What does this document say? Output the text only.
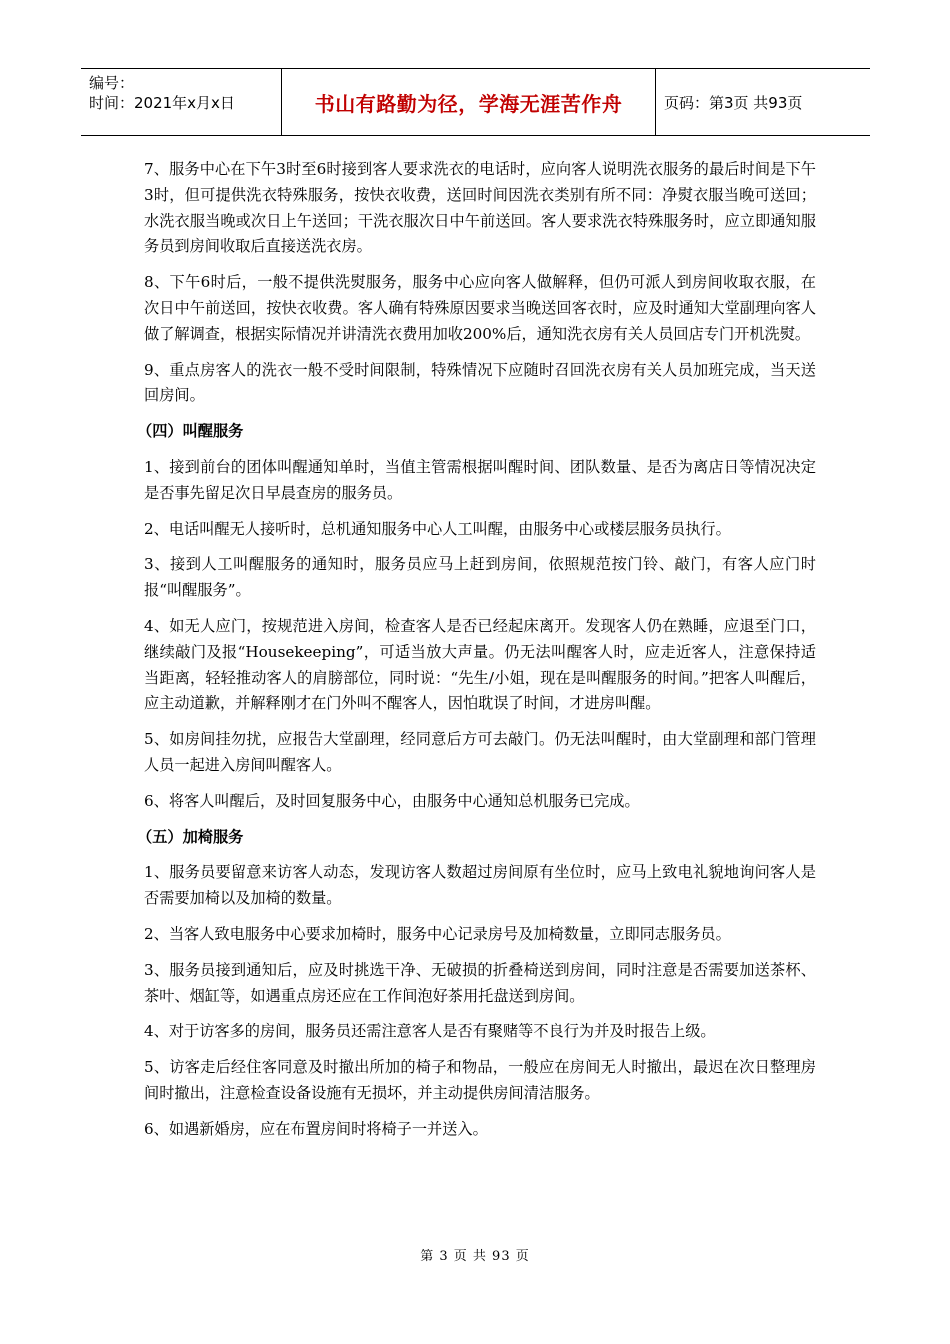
编号：
时间：2021年x月x日	书山有路勤为径，学海无涯苦作舟	页码：第3页 共93页

7、服务中心在下午3时至6时接到客人要求洗衣的电话时，应向客人说明洗衣服务的最后时间是下午3时，但可提供洗衣特殊服务，按快衣收费，送回时间因洗衣类别有所不同：净熨衣服当晚可送回；水洗衣服当晚或次日上午送回；干洗衣服次日中午前送回。客人要求洗衣特殊服务时，应立即通知服务员到房间收取后直接送洗衣房。

8、下午6时后，一般不提供洗熨服务，服务中心应向客人做解释，但仍可派人到房间收取衣服，在次日中午前送回，按快衣收费。客人确有特殊原因要求当晚送回客衣时，应及时通知大堂副理向客人做了解调查，根据实际情况并讲清洗衣费用加收200%后，通知洗衣房有关人员回店专门开机洗熨。

9、重点房客人的洗衣一般不受时间限制，特殊情况下应随时召回洗衣房有关人员加班完成，当天送回房间。

（四）叫醒服务

1、接到前台的团体叫醒通知单时，当值主管需根据叫醒时间、团队数量、是否为离店日等情况决定是否事先留足次日早晨查房的服务员。

2、电话叫醒无人接听时，总机通知服务中心人工叫醒，由服务中心或楼层服务员执行。

3、接到人工叫醒服务的通知时，服务员应马上赶到房间，依照规范按门铃、敲门，有客人应门时报“叫醒服务”。

4、如无人应门，按规范进入房间，检查客人是否已经起床离开。发现客人仍在熟睡，应退至门口，继续敲门及报“Housekeeping”，可适当放大声量。仍无法叫醒客人时，应走近客人，注意保持适当距离，轻轻推动客人的肩膀部位，同时说：“先生/小姐，现在是叫醒服务的时间。”把客人叫醒后，应主动道歉，并解释刚才在门外叫不醒客人，因怕耽误了时间，才进房叫醒。

5、如房间挂勿扰，应报告大堂副理，经同意后方可去敲门。仍无法叫醒时，由大堂副理和部门管理人员一起进入房间叫醒客人。

6、将客人叫醒后，及时回复服务中心，由服务中心通知总机服务已完成。

（五）加椅服务

1、服务员要留意来访客人动态，发现访客人数超过房间原有坐位时，应马上致电礼貌地询问客人是否需要加椅以及加椅的数量。

2、当客人致电服务中心要求加椅时，服务中心记录房号及加椅数量，立即同志服务员。

3、服务员接到通知后，应及时挑选干净、无破损的折叠椅送到房间，同时注意是否需要加送茶杯、茶叶、烟缸等，如遇重点房还应在工作间泡好茶用托盘送到房间。

4、对于访客多的房间，服务员还需注意客人是否有聚赌等不良行为并及时报告上级。

5、访客走后经住客同意及时撤出所加的椅子和物品，一般应在房间无人时撤出，最迟在次日整理房间时撤出，注意检查设备设施有无损坏，并主动提供房间清洁服务。

6、如遇新婚房，应在布置房间时将椅子一并送入。

第 3 页 共 93 页
